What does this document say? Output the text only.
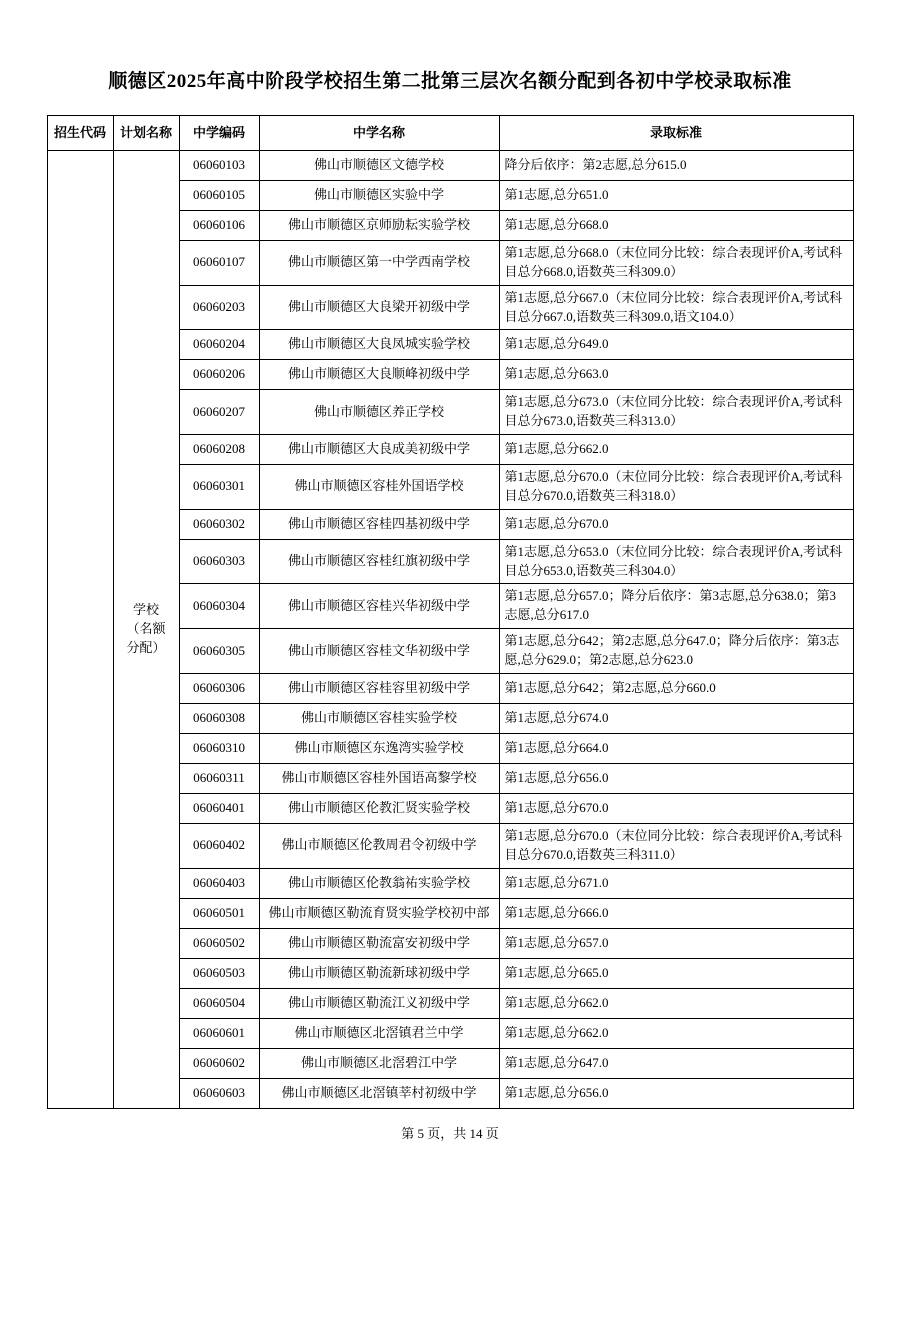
顺德区2025年高中阶段学校招生第二批第三层次名额分配到各初中学校录取标准
招生代码	计划名称	中学编码	中学名称	录取标准
	学校（名额分配）	06060103	佛山市顺德区文德学校	降分后依序：第2志愿,总分615.0
		06060105	佛山市顺德区实验中学	第1志愿,总分651.0
		06060106	佛山市顺德区京师励耘实验学校	第1志愿,总分668.0
		06060107	佛山市顺德区第一中学西南学校	第1志愿,总分668.0（末位同分比较：综合表现评价A,考试科目总分668.0,语数英三科309.0）
		06060203	佛山市顺德区大良梁开初级中学	第1志愿,总分667.0（末位同分比较：综合表现评价A,考试科目总分667.0,语数英三科309.0,语文104.0）
		06060204	佛山市顺德区大良凤城实验学校	第1志愿,总分649.0
		06060206	佛山市顺德区大良顺峰初级中学	第1志愿,总分663.0
		06060207	佛山市顺德区养正学校	第1志愿,总分673.0（末位同分比较：综合表现评价A,考试科目总分673.0,语数英三科313.0）
		06060208	佛山市顺德区大良成美初级中学	第1志愿,总分662.0
		06060301	佛山市顺德区容桂外国语学校	第1志愿,总分670.0（末位同分比较：综合表现评价A,考试科目总分670.0,语数英三科318.0）
		06060302	佛山市顺德区容桂四基初级中学	第1志愿,总分670.0
		06060303	佛山市顺德区容桂红旗初级中学	第1志愿,总分653.0（末位同分比较：综合表现评价A,考试科目总分653.0,语数英三科304.0）
		06060304	佛山市顺德区容桂兴华初级中学	第1志愿,总分657.0；降分后依序：第3志愿,总分638.0；第3志愿,总分617.0
		06060305	佛山市顺德区容桂文华初级中学	第1志愿,总分642；第2志愿,总分647.0；降分后依序：第3志愿,总分629.0；第2志愿,总分623.0
		06060306	佛山市顺德区容桂容里初级中学	第1志愿,总分642；第2志愿,总分660.0
		06060308	佛山市顺德区容桂实验学校	第1志愿,总分674.0
		06060310	佛山市顺德区东逸湾实验学校	第1志愿,总分664.0
		06060311	佛山市顺德区容桂外国语高黎学校	第1志愿,总分656.0
		06060401	佛山市顺德区伦教汇贤实验学校	第1志愿,总分670.0
		06060402	佛山市顺德区伦教周君令初级中学	第1志愿,总分670.0（末位同分比较：综合表现评价A,考试科目总分670.0,语数英三科311.0）
		06060403	佛山市顺德区伦教翁祐实验学校	第1志愿,总分671.0
		06060501	佛山市顺德区勒流育贤实验学校初中部	第1志愿,总分666.0
		06060502	佛山市顺德区勒流富安初级中学	第1志愿,总分657.0
		06060503	佛山市顺德区勒流新球初级中学	第1志愿,总分665.0
		06060504	佛山市顺德区勒流江义初级中学	第1志愿,总分662.0
		06060601	佛山市顺德区北滘镇君兰中学	第1志愿,总分662.0
		06060602	佛山市顺德区北滘碧江中学	第1志愿,总分647.0
		06060603	佛山市顺德区北滘镇莘村初级中学	第1志愿,总分656.0
第 5 页，共 14 页
